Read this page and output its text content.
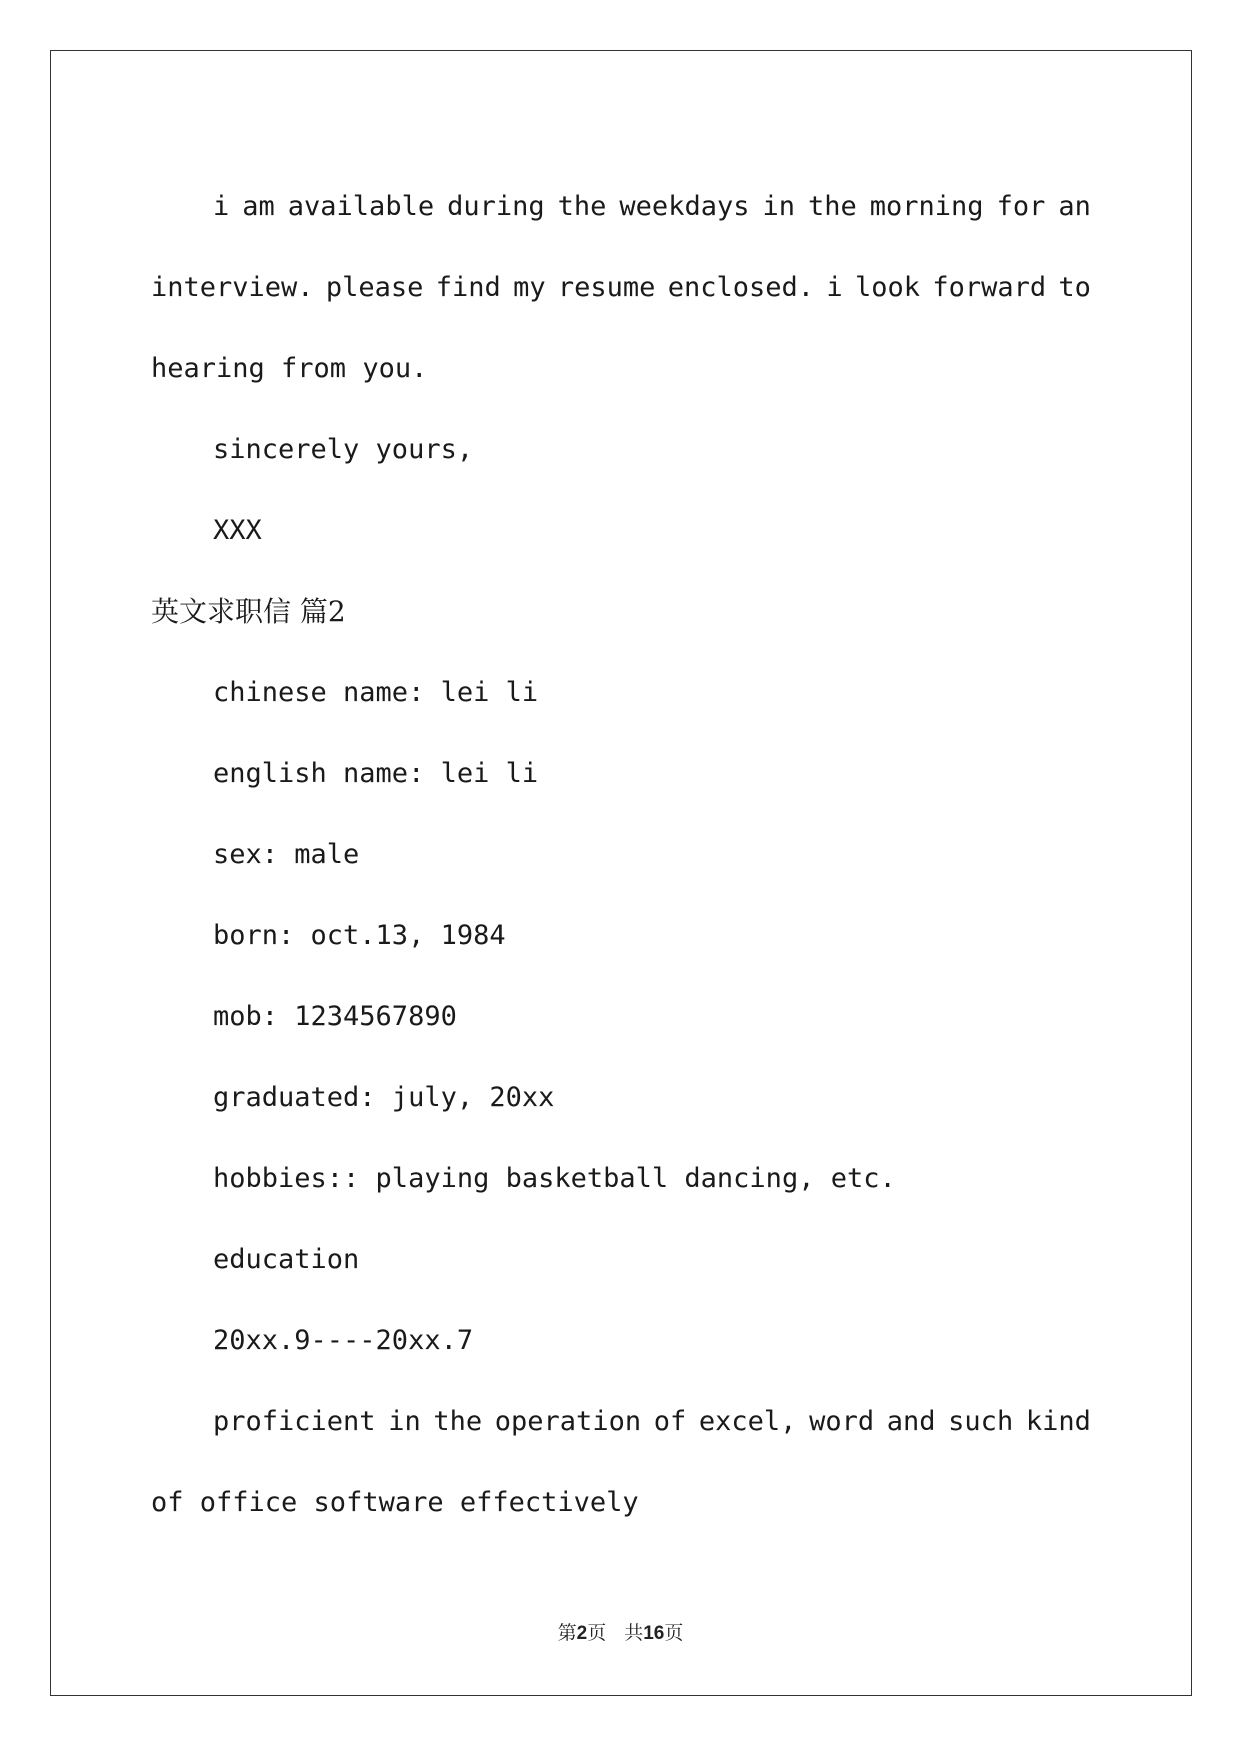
i am available during the weekdays in the morning for an
interview. please find my resume enclosed. i look forward to
hearing from you.
sincerely yours,
XXX
英文求职信 篇2
chinese name: lei li
english name: lei li
sex: male
born: oct.13, 1984
mob: 1234567890
graduated: july, 20xx
hobbies:: playing basketball dancing, etc.
education
20xx.9----20xx.7
proficient in the operation of excel, word and such kind
of office software effectively
第2页 共16页
